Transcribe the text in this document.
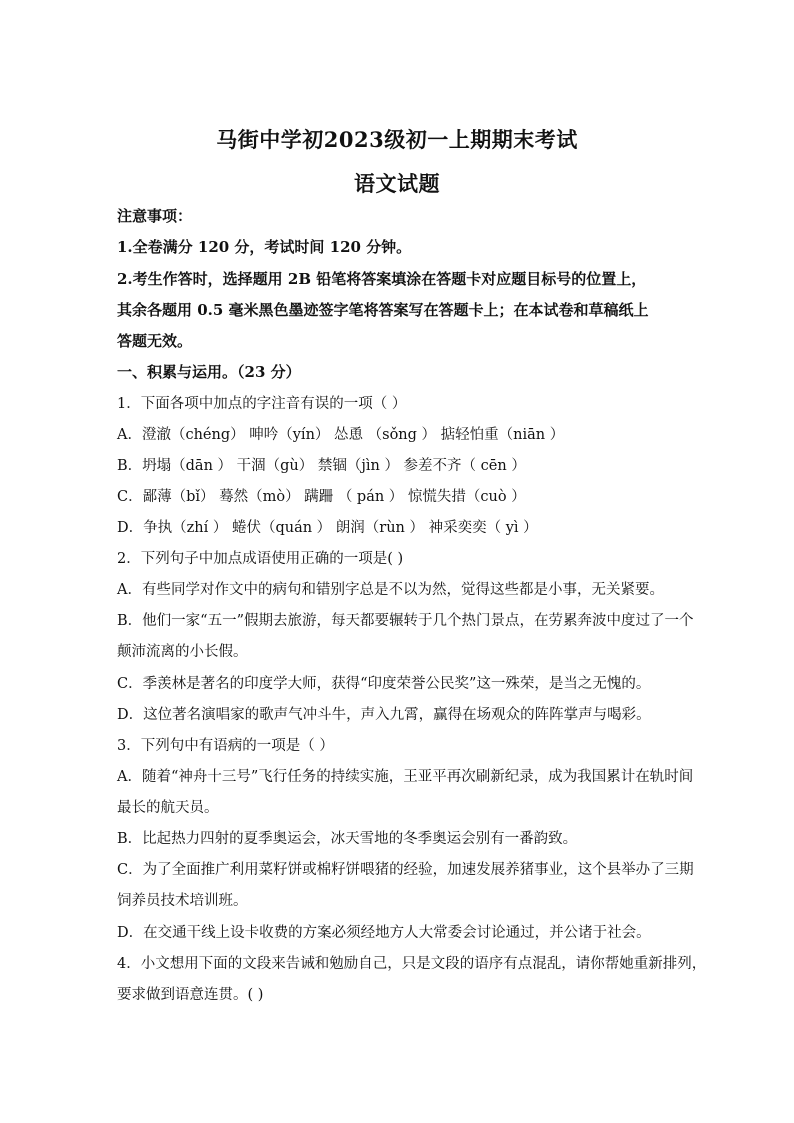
马街中学初2023级初一上期期末考试
语文试题
注意事项：
1.全卷满分 120 分，考试时间 120 分钟。
2.考生作答时，选择题用 2B 铅笔将答案填涂在答题卡对应题目标号的位置上，
其余各题用 0.5 毫米黑色墨迹签字笔将答案写在答题卡上；在本试卷和草稿纸上
答题无效。
一、积累与运用。（23 分）
1．下面各项中加点的字注音有误的一项（ ）
A．澄澈（chéng） 呻吟（yín） 怂恿 （sǒng ） 掂轻怕重（niān ）
B．坍塌（dān ） 干涸（gù） 禁锢（jìn ） 参差不齐（ cēn ）
C．鄙薄（bǐ） 蓦然（mò） 蹒跚 （ pán ） 惊慌失措（cuò ）
D．争执（zhí ） 蜷伏（quán ） 朗润（rùn ） 神采奕奕（ yì ）
2．下列句子中加点成语使用正确的一项是( )
A．有些同学对作文中的病句和错别字总是不以为然，觉得这些都是小事，无关紧要。
B．他们一家“五一”假期去旅游，每天都要辗转于几个热门景点，在劳累奔波中度过了一个
颠沛流离的小长假。
C．季羡林是著名的印度学大师，获得“印度荣誉公民奖”这一殊荣，是当之无愧的。
D．这位著名演唱家的歌声气冲斗牛，声入九霄，赢得在场观众的阵阵掌声与喝彩。
3．下列句中有语病的一项是（ ）
A．随着“神舟十三号”飞行任务的持续实施，王亚平再次刷新纪录，成为我国累计在轨时间
最长的航天员。
B．比起热力四射的夏季奥运会，冰天雪地的冬季奥运会别有一番韵致。
C．为了全面推广利用菜籽饼或棉籽饼喂猪的经验，加速发展养猪事业，这个县举办了三期
饲养员技术培训班。
D．在交通干线上设卡收费的方案必须经地方人大常委会讨论通过，并公诸于社会。
4．小文想用下面的文段来告诫和勉励自己，只是文段的语序有点混乱，请你帮她重新排列，
要求做到语意连贯。( )
